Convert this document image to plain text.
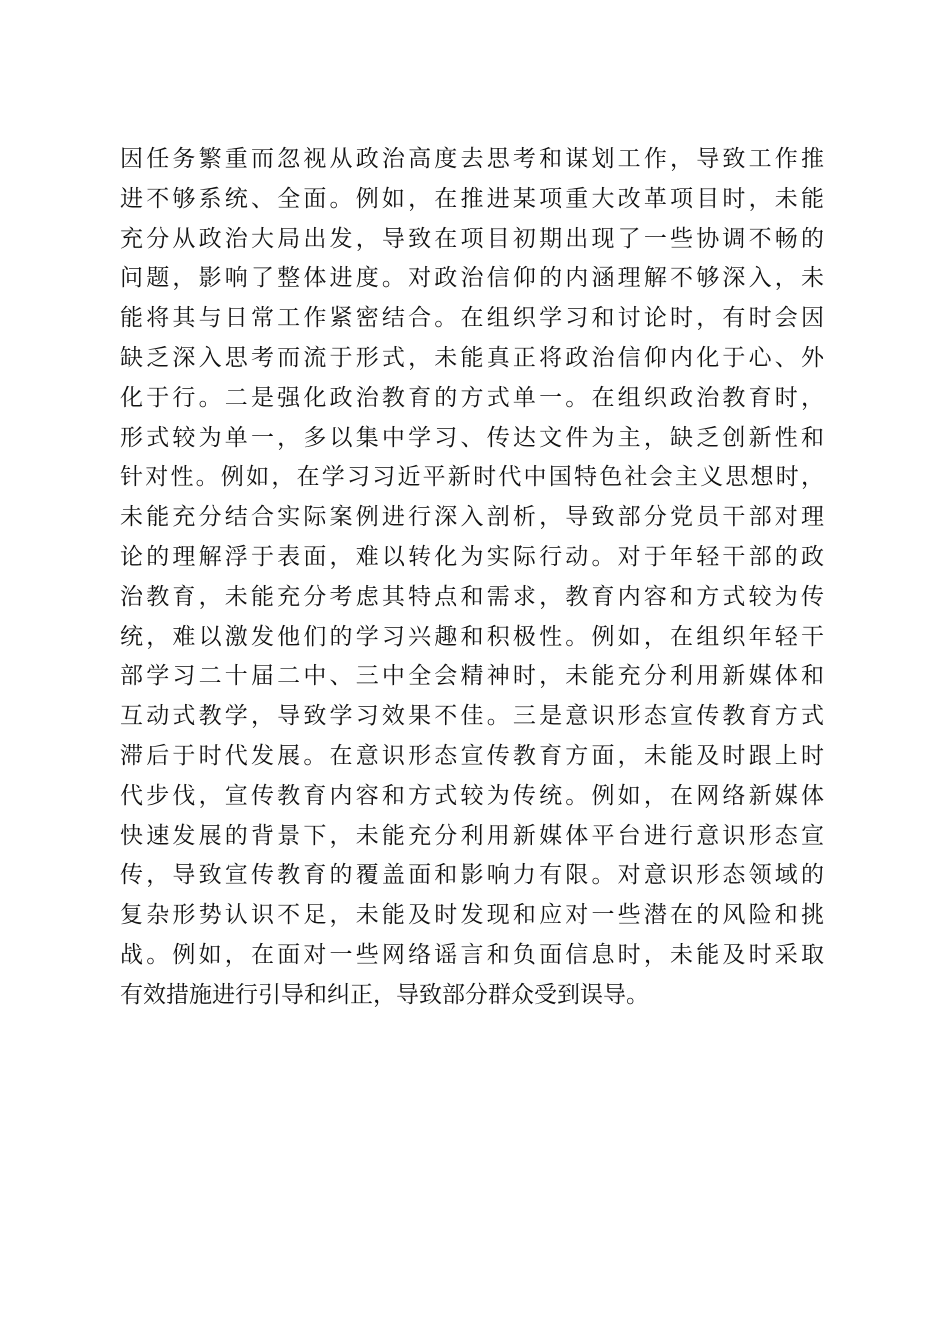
因任务繁重而忽视从政治高度去思考和谋划工作，导致工作推
进不够系统、全面。例如，在推进某项重大改革项目时，未能
充分从政治大局出发，导致在项目初期出现了一些协调不畅的
问题，影响了整体进度。对政治信仰的内涵理解不够深入，未
能将其与日常工作紧密结合。在组织学习和讨论时，有时会因
缺乏深入思考而流于形式，未能真正将政治信仰内化于心、外
化于行。二是强化政治教育的方式单一。在组织政治教育时，
形式较为单一，多以集中学习、传达文件为主，缺乏创新性和
针对性。例如，在学习习近平新时代中国特色社会主义思想时，
未能充分结合实际案例进行深入剖析，导致部分党员干部对理
论的理解浮于表面，难以转化为实际行动。对于年轻干部的政
治教育，未能充分考虑其特点和需求，教育内容和方式较为传
统，难以激发他们的学习兴趣和积极性。例如，在组织年轻干
部学习二十届二中、三中全会精神时，未能充分利用新媒体和
互动式教学，导致学习效果不佳。三是意识形态宣传教育方式
滞后于时代发展。在意识形态宣传教育方面，未能及时跟上时
代步伐，宣传教育内容和方式较为传统。例如，在网络新媒体
快速发展的背景下，未能充分利用新媒体平台进行意识形态宣
传，导致宣传教育的覆盖面和影响力有限。对意识形态领域的
复杂形势认识不足，未能及时发现和应对一些潜在的风险和挑
战。例如，在面对一些网络谣言和负面信息时，未能及时采取
有效措施进行引导和纠正，导致部分群众受到误导。
